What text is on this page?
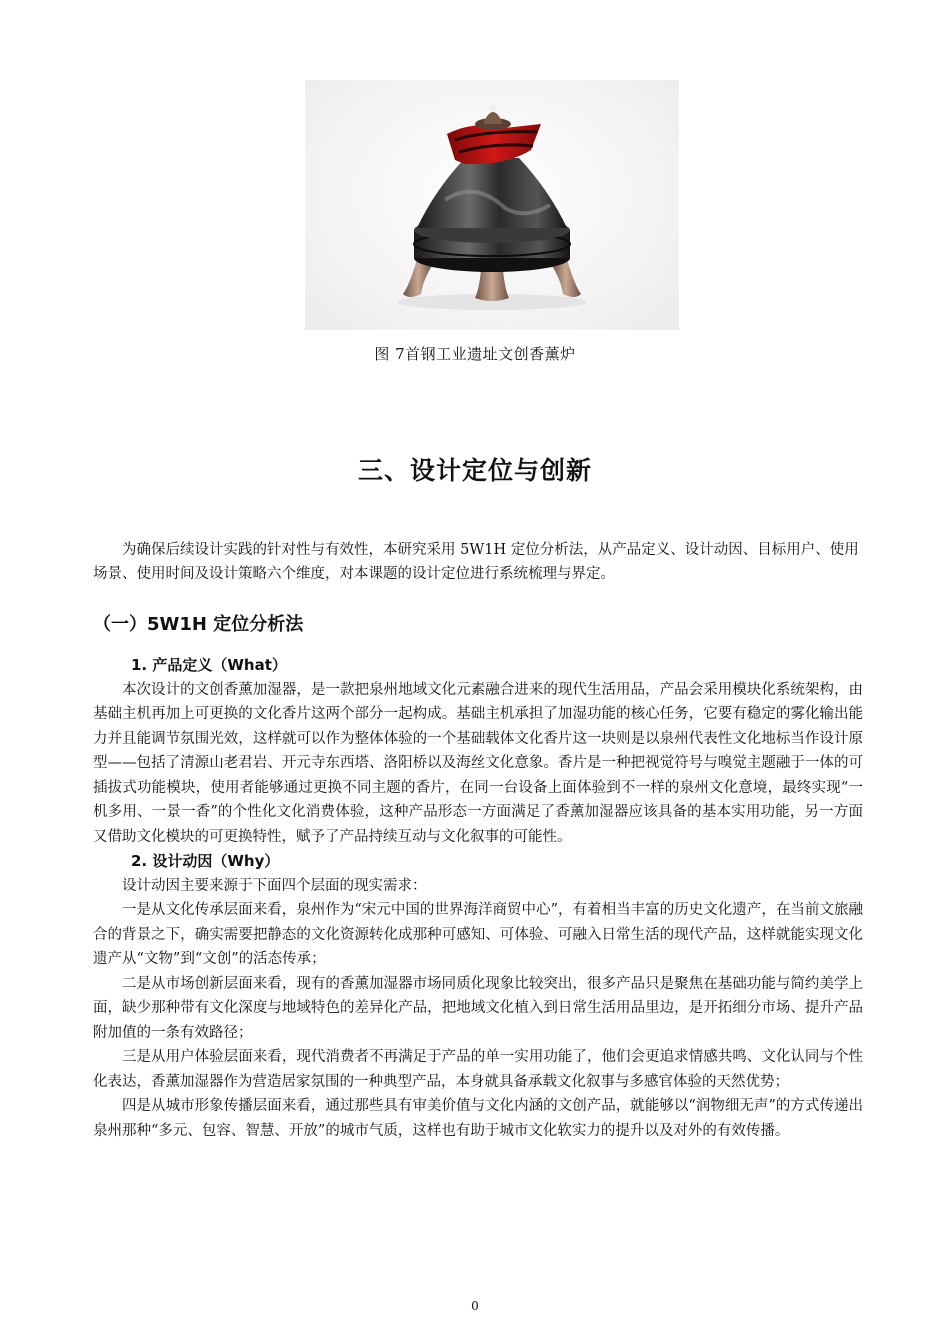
图 7首钢工业遗址文创香薰炉
三、设计定位与创新

为确保后续设计实践的针对性与有效性，本研究采用 5W1H 定位分析法，从产品定义、设计动因、目标用户、使用场景、使用时间及设计策略六个维度，对本课题的设计定位进行系统梳理与界定。

（一）5W1H 定位分析法
1. 产品定义（What）

本次设计的文创香薰加湿器，是一款把泉州地域文化元素融合进来的现代生活用品，产品会采用模块化系统架构，由基础主机再加上可更换的文化香片这两个部分一起构成。基础主机承担了加湿功能的核心任务，它要有稳定的雾化输出能力并且能调节氛围光效，这样就可以作为整体体验的一个基础载体文化香片这一块则是以泉州代表性文化地标当作设计原型——包括了清源山老君岩、开元寺东西塔、洛阳桥以及海丝文化意象。香片是一种把视觉符号与嗅觉主题融于一体的可插拔式功能模块，使用者能够通过更换不同主题的香片，在同一台设备上面体验到不一样的泉州文化意境，最终实现“一机多用、一景一香”的个性化文化消费体验，这种产品形态一方面满足了香薰加湿器应该具备的基本实用功能，另一方面又借助文化模块的可更换特性，赋予了产品持续互动与文化叙事的可能性。

2. 设计动因（Why）

设计动因主要来源于下面四个层面的现实需求：

一是从文化传承层面来看，泉州作为“宋元中国的世界海洋商贸中心”，有着相当丰富的历史文化遗产，在当前文旅融合的背景之下，确实需要把静态的文化资源转化成那种可感知、可体验、可融入日常生活的现代产品，这样就能实现文化遗产从“文物”到“文创”的活态传承；

二是从市场创新层面来看，现有的香薰加湿器市场同质化现象比较突出，很多产品只是聚焦在基础功能与简约美学上面，缺少那种带有文化深度与地域特色的差异化产品，把地域文化植入到日常生活用品里边，是开拓细分市场、提升产品附加值的一条有效路径；

三是从用户体验层面来看，现代消费者不再满足于产品的单一实用功能了，他们会更追求情感共鸣、文化认同与个性化表达，香薰加湿器作为营造居家氛围的一种典型产品，本身就具备承载文化叙事与多感官体验的天然优势；

四是从城市形象传播层面来看，通过那些具有审美价值与文化内涵的文创产品，就能够以“润物细无声”的方式传递出泉州那种“多元、包容、智慧、开放”的城市气质，这样也有助于城市文化软实力的提升以及对外的有效传播。

0
